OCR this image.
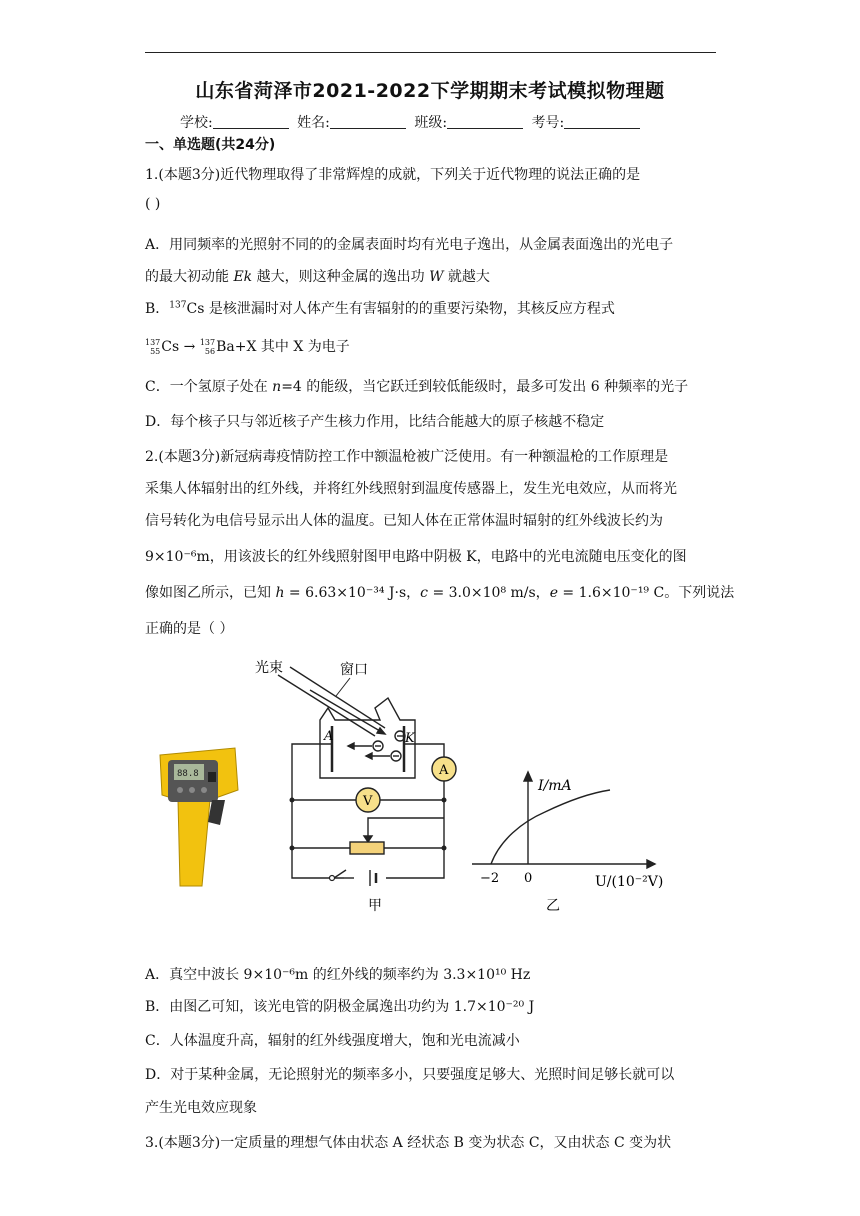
山东省菏泽市2021-2022下学期期末考试模拟物理题
学校:	姓名:	班级:	考号:
一、单选题(共24分)
1.(本题3分)近代物理取得了非常辉煌的成就，下列关于近代物理的说法正确的是
( )
A．用同频率的光照射不同的的金属表面时均有光电子逸出，从金属表面逸出的光电子
的最大初动能 Ek 越大，则这种金属的逸出功 W 就越大
B．$^{137}$Cs 是核泄漏时对人体产生有害辐射的的重要污染物，其核反应方程式
137
55Cs → 137
56Ba+X 其中 X 为电子
C．一个氢原子处在 n=4 的能级，当它跃迁到较低能级时，最多可发出 6 种频率的光子
D．每个核子只与邻近核子产生核力作用，比结合能越大的原子核越不稳定
2.(本题3分)新冠病毒疫情防控工作中额温枪被广泛使用。有一种额温枪的工作原理是
采集人体辐射出的红外线，并将红外线照射到温度传感器上，发生光电效应，从而将光
信号转化为电信号显示出人体的温度。已知人体在正常体温时辐射的红外线波长约为
9×10⁻⁶m，用该波长的红外线照射图甲电路中阴极 K，电路中的光电流随电压变化的图
像如图乙所示，已知 h = 6.63×10⁻³⁴ J·s，c = 3.0×10⁸ m/s，e = 1.6×10⁻¹⁹ C。下列说法
正确的是（ ）
88.8
光束	窗口
A	K
V
A
甲
I/mA
U/(10⁻²V)
−2 0
乙
A．真空中波长 9×10⁻⁶m 的红外线的频率约为 3.3×10¹⁰ Hz
B．由图乙可知，该光电管的阴极金属逸出功约为 1.7×10⁻²⁰ J
C．人体温度升高，辐射的红外线强度增大，饱和光电流减小
D．对于某种金属，无论照射光的频率多小，只要强度足够大、光照时间足够长就可以
产生光电效应现象
3.(本题3分)一定质量的理想气体由状态 A 经状态 B 变为状态 C，又由状态 C 变为状
